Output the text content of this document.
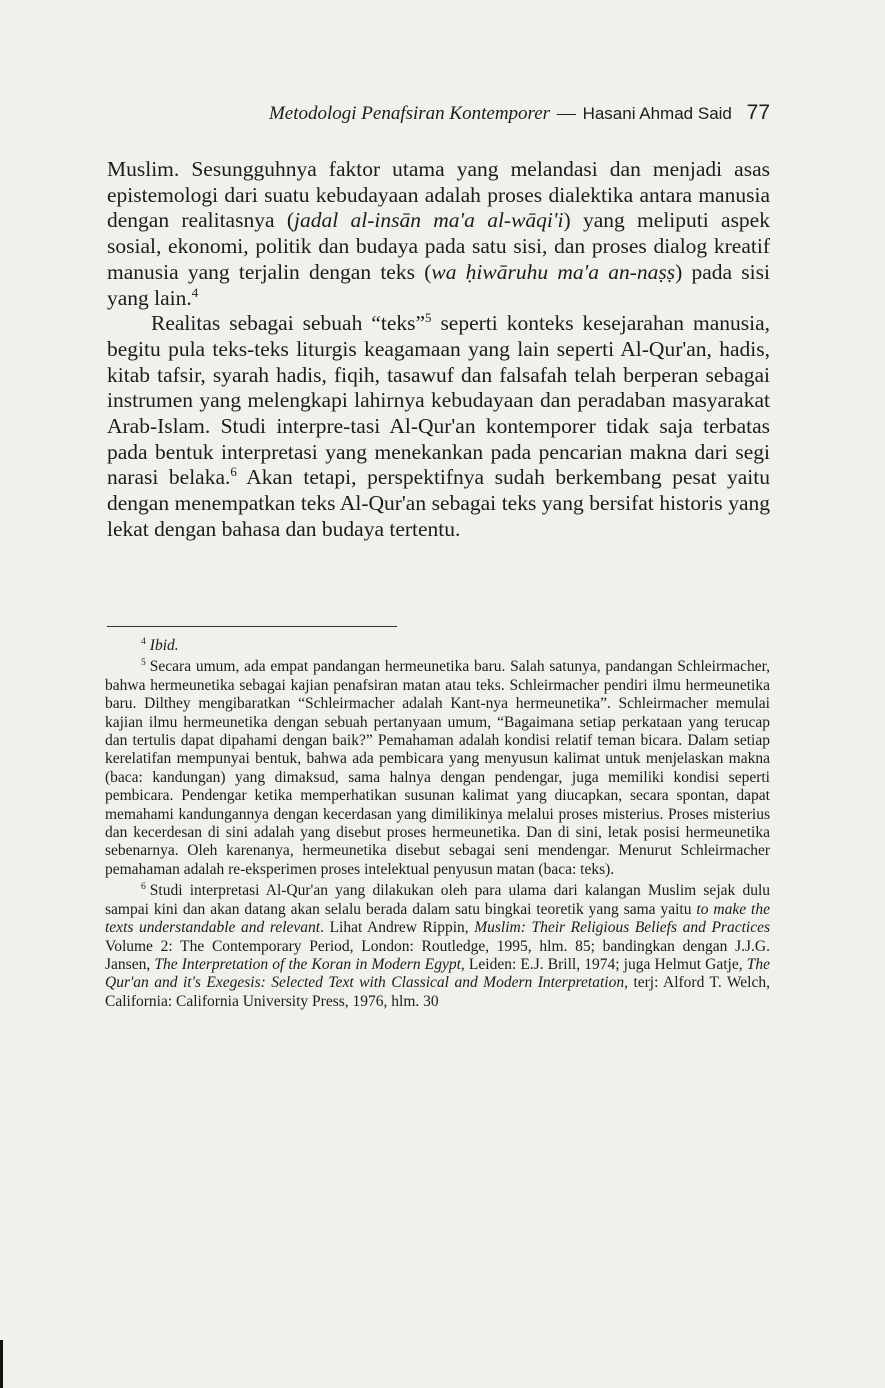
Metodologi Penafsiran Kontemporer — Hasani Ahmad Said 77

Muslim. Sesungguhnya faktor utama yang melandasi dan menjadi asas epistemologi dari suatu kebudayaan adalah proses dialektika antara manusia dengan realitasnya (jadal al-insān ma'a al-wāqi'i) yang meliputi aspek sosial, ekonomi, politik dan budaya pada satu sisi, dan proses dialog kreatif manusia yang terjalin dengan teks (wa ḥiwāruhu ma'a an-naṣṣ) pada sisi yang lain.$^4$

Realitas sebagai sebuah “teks”$^5$ seperti konteks kesejarahan manusia, begitu pula teks-teks liturgis keagamaan yang lain seperti Al-Qur'an, hadis, kitab tafsir, syarah hadis, fiqih, tasawuf dan falsafah telah berperan sebagai instrumen yang melengkapi lahirnya kebudayaan dan peradaban masyarakat Arab-Islam. Studi interpre-tasi Al-Qur'an kontemporer tidak saja terbatas pada bentuk interpretasi yang menekankan pada pencarian makna dari segi narasi belaka.$^6$ Akan tetapi, perspektifnya sudah berkembang pesat yaitu dengan menempatkan teks Al-Qur'an sebagai teks yang bersifat historis yang lekat dengan bahasa dan budaya tertentu.

$^4$ Ibid.

$^5$ Secara umum, ada empat pandangan hermeunetika baru. Salah satunya, pandangan Schleirmacher, bahwa hermeunetika sebagai kajian penafsiran matan atau teks. Schleirmacher pendiri ilmu hermeunetika baru. Dilthey mengibaratkan “Schleirmacher adalah Kant-nya hermeunetika”. Schleirmacher memulai kajian ilmu hermeunetika dengan sebuah pertanyaan umum, “Bagaimana setiap perkataan yang terucap dan tertulis dapat dipahami dengan baik?” Pemahaman adalah kondisi relatif teman bicara. Dalam setiap kerelatifan mempunyai bentuk, bahwa ada pembicara yang menyusun kalimat untuk menjelaskan makna (baca: kandungan) yang dimaksud, sama halnya dengan pendengar, juga memiliki kondisi seperti pembicara. Pendengar ketika memperhatikan susunan kalimat yang diucapkan, secara spontan, dapat memahami kandungannya dengan kecerdasan yang dimilikinya melalui proses misterius. Proses misterius dan kecerdesan di sini adalah yang disebut proses hermeunetika. Dan di sini, letak posisi hermeunetika sebenarnya. Oleh karenanya, hermeunetika disebut sebagai seni mendengar. Menurut Schleirmacher pemahaman adalah re-eksperimen proses intelektual penyusun matan (baca: teks).

$^6$ Studi interpretasi Al-Qur'an yang dilakukan oleh para ulama dari kalangan Muslim sejak dulu sampai kini dan akan datang akan selalu berada dalam satu bingkai teoretik yang sama yaitu to make the texts understandable and relevant. Lihat Andrew Rippin, Muslim: Their Religious Beliefs and Practices Volume 2: The Contemporary Period, London: Routledge, 1995, hlm. 85; bandingkan dengan J.J.G. Jansen, The Interpretation of the Koran in Modern Egypt, Leiden: E.J. Brill, 1974; juga Helmut Gatje, The Qur'an and it's Exegesis: Selected Text with Classical and Modern Interpretation, terj: Alford T. Welch, California: California University Press, 1976, hlm. 30
